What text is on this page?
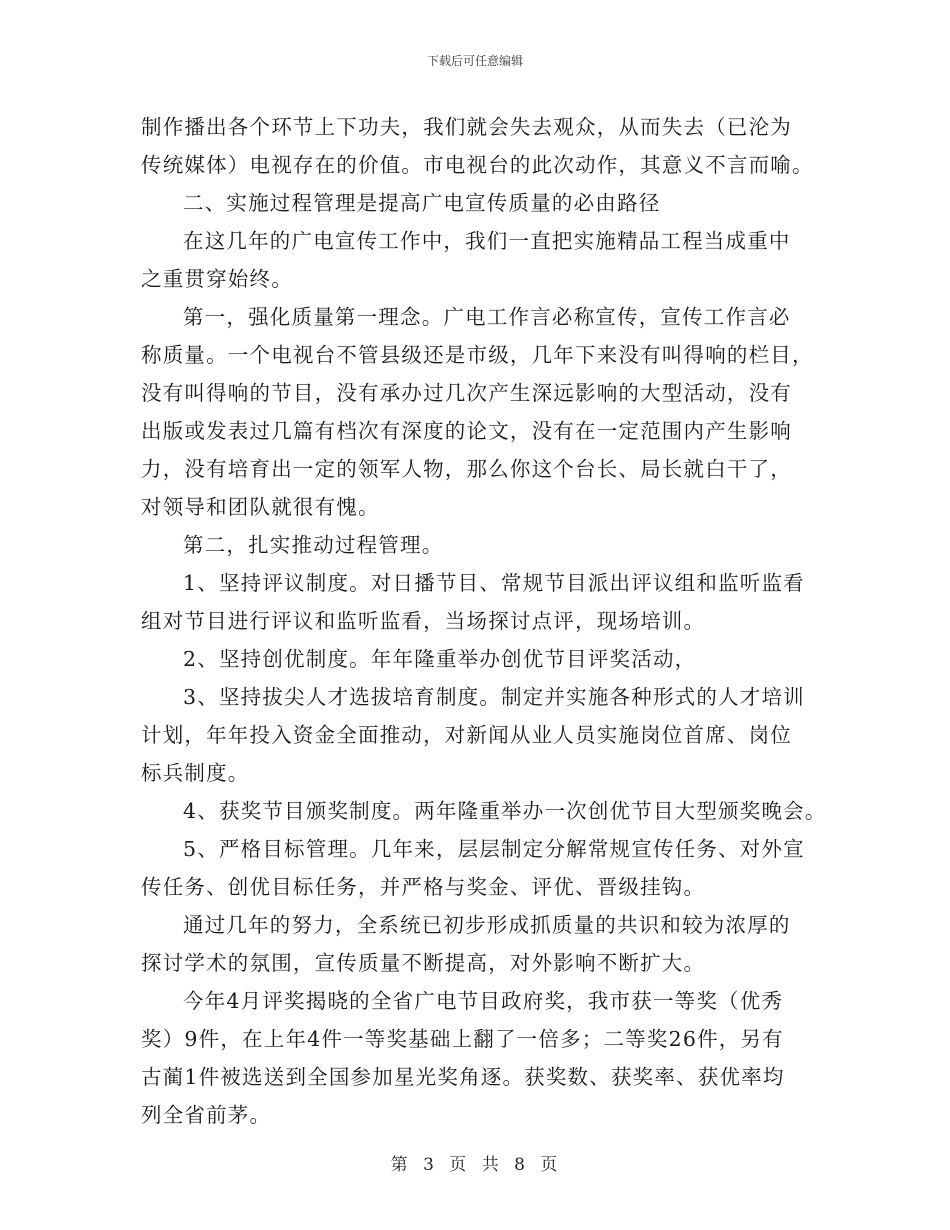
下载后可任意编辑
制作播出各个环节上下功夫，我们就会失去观众，从而失去（已沦为
传统媒体）电视存在的价值。市电视台的此次动作，其意义不言而喻。
二、实施过程管理是提高广电宣传质量的必由路径
在这几年的广电宣传工作中，我们一直把实施精品工程当成重中
之重贯穿始终。
第一，强化质量第一理念。广电工作言必称宣传，宣传工作言必
称质量。一个电视台不管县级还是市级，几年下来没有叫得响的栏目，
没有叫得响的节目，没有承办过几次产生深远影响的大型活动，没有
出版或发表过几篇有档次有深度的论文，没有在一定范围内产生影响
力，没有培育出一定的领军人物，那么你这个台长、局长就白干了，
对领导和团队就很有愧。
第二，扎实推动过程管理。
1、坚持评议制度。对日播节目、常规节目派出评议组和监听监看
组对节目进行评议和监听监看，当场探讨点评，现场培训。
2、坚持创优制度。年年隆重举办创优节目评奖活动，
3、坚持拔尖人才选拔培育制度。制定并实施各种形式的人才培训
计划，年年投入资金全面推动，对新闻从业人员实施岗位首席、岗位
标兵制度。
4、获奖节目颁奖制度。两年隆重举办一次创优节目大型颁奖晚会。
5、严格目标管理。几年来，层层制定分解常规宣传任务、对外宣
传任务、创优目标任务，并严格与奖金、评优、晋级挂钩。
通过几年的努力，全系统已初步形成抓质量的共识和较为浓厚的
探讨学术的氛围，宣传质量不断提高，对外影响不断扩大。
今年4月评奖揭晓的全省广电节目政府奖，我市获一等奖（优秀
奖）9件，在上年4件一等奖基础上翻了一倍多；二等奖26件，另有
古蔺1件被选送到全国参加星光奖角逐。获奖数、获奖率、获优率均
列全省前茅。
第 3 页 共 8 页
